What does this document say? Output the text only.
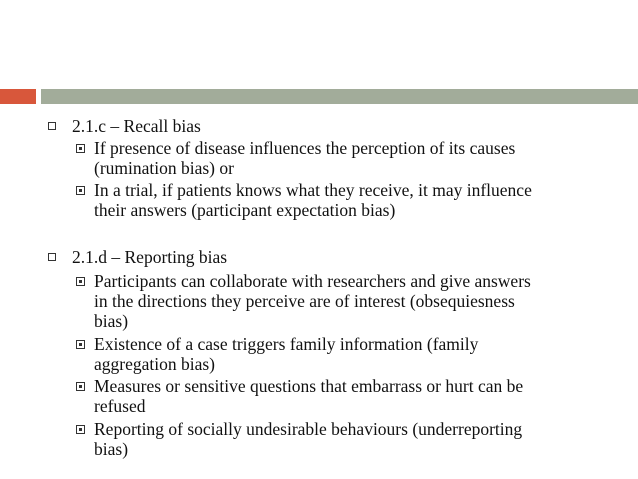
2.1.c – Recall bias
If presence of disease influences the perception of its causes
(rumination bias) or
In a trial, if patients knows what they receive, it may influence
their answers (participant expectation bias)
2.1.d – Reporting bias
Participants can collaborate with researchers and give answers
in the directions they perceive are of interest (obsequiesness
bias)
Existence of a case triggers family information (family
aggregation bias)
Measures or sensitive questions that embarrass or hurt can be
refused
Reporting of socially undesirable behaviours (underreporting
bias)
